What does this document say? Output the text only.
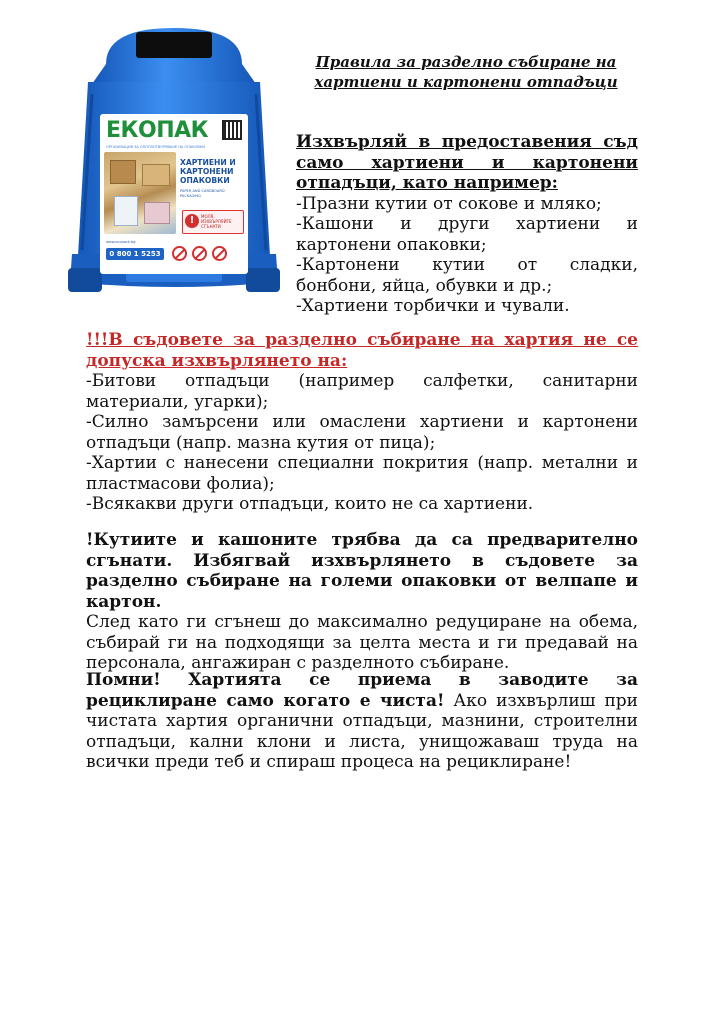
ЕКОПАК
ОРГАНИЗАЦИЯ ЗА ОПОЛЗОТВОРЯВАНЕ НА ОПАКОВКИ
ХАРТИЕНИ И
КАРТОНЕНИ
ОПАКОВКИ
PAPER AND CARDBOARD PACKAGING
!	МОЛЯ, ИЗХВЪРЛЯЙТЕ СГЪНАТИ
www.ecopack.bg
0 800 1 5253
Правила за разделно събиране на
хартиени и картонени отпадъци
Изхвърляй в предоставения съд само хартиени и картонени отпадъци, като например:
-Празни кутии от сокове и мляко;
-Кашони и други хартиени и картонени опаковки;
-Картонени кутии от сладки, бонбони, яйца, обувки и др.;
-Хартиени торбички и чували.
!!!В съдовете за разделно събиране на хартия не се допуска изхвърлянето на:
-Битови отпадъци (например салфетки, санитарни материали, угарки);
-Силно замърсени или омаслени хартиени и картонени отпадъци (напр. мазна кутия от пица);
-Хартии с нанесени специални покрития (напр. метални и пластмасови фолиа);
-Всякакви други отпадъци, които не са хартиени.
!Кутиите и кашоните трябва да са предварително сгънати. Избягвай изхвърлянето в съдовете за разделно събиране на големи опаковки от велпапе и картон.
След като ги сгънеш до максимално редуциране на обема, събирай ги на подходящи за целта места и ги предавай на персонала, ангажиран с разделното събиране.
Помни! Хартията се приема в заводите за рециклиране само когато е чиста! Ако изхвърлиш при чистата хартия органични отпадъци, мазнини, строителни отпадъци, кални клони и листа, унищожаваш труда на всички преди теб и спираш процеса на рециклиране!
